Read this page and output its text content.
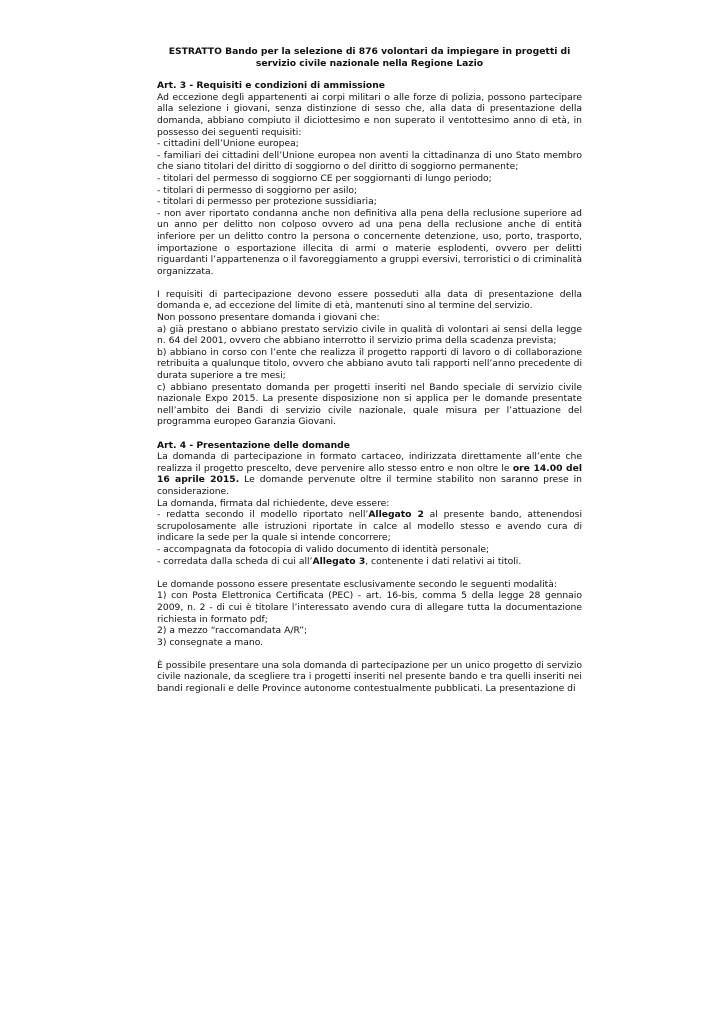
ESTRATTO Bando per la selezione di 876 volontari da impiegare in progetti di servizio civile nazionale nella Regione Lazio
Art. 3 - Requisiti e condizioni di ammissione

Ad eccezione degli appartenenti ai corpi militari o alle forze di polizia, possono partecipare alla selezione i giovani, senza distinzione di sesso che, alla data di presentazione della domanda, abbiano compiuto il diciottesimo e non superato il ventottesimo anno di età, in possesso dei seguenti requisiti:

- cittadini dell’Unione europea;

- familiari dei cittadini dell’Unione europea non aventi la cittadinanza di uno Stato membro che siano titolari del diritto di soggiorno o del diritto di soggiorno permanente;

- titolari del permesso di soggiorno CE per soggiornanti di lungo periodo;

- titolari di permesso di soggiorno per asilo;

- titolari di permesso per protezione sussidiaria;

- non aver riportato condanna anche non definitiva alla pena della reclusione superiore ad un anno per delitto non colposo ovvero ad una pena della reclusione anche di entità inferiore per un delitto contro la persona o concernente detenzione, uso, porto, trasporto, importazione o esportazione illecita di armi o materie esplodenti, ovvero per delitti riguardanti l’appartenenza o il favoreggiamento a gruppi eversivi, terroristici o di criminalità organizzata.

I requisiti di partecipazione devono essere posseduti alla data di presentazione della domanda e, ad eccezione del limite di età, mantenuti sino al termine del servizio.

Non possono presentare domanda i giovani che:

a) già prestano o abbiano prestato servizio civile in qualità di volontari ai sensi della legge n. 64 del 2001, ovvero che abbiano interrotto il servizio prima della scadenza prevista;

b) abbiano in corso con l’ente che realizza il progetto rapporti di lavoro o di collaborazione retribuita a qualunque titolo, ovvero che abbiano avuto tali rapporti nell’anno precedente di durata superiore a tre mesi;

c) abbiano presentato domanda per progetti inseriti nel Bando speciale di servizio civile nazionale Expo 2015. La presente disposizione non si applica per le domande presentate nell’ambito dei Bandi di servizio civile nazionale, quale misura per l’attuazione del programma europeo Garanzia Giovani.

Art. 4 - Presentazione delle domande

La domanda di partecipazione in formato cartaceo, indirizzata direttamente all’ente che realizza il progetto prescelto, deve pervenire allo stesso entro e non oltre le ore 14.00 del 16 aprile 2015. Le domande pervenute oltre il termine stabilito non saranno prese in considerazione.

La domanda, firmata dal richiedente, deve essere:

- redatta secondo il modello riportato nell’Allegato 2 al presente bando, attenendosi scrupolosamente alle istruzioni riportate in calce al modello stesso e avendo cura di indicare la sede per la quale si intende concorrere;

- accompagnata da fotocopia di valido documento di identità personale;

- corredata dalla scheda di cui all’Allegato 3, contenente i dati relativi ai titoli.

Le domande possono essere presentate esclusivamente secondo le seguenti modalità:

1) con Posta Elettronica Certificata (PEC) - art. 16-bis, comma 5 della legge 28 gennaio 2009, n. 2 - di cui è titolare l’interessato avendo cura di allegare tutta la documentazione richiesta in formato pdf;

2) a mezzo “raccomandata A/R”;

3) consegnate a mano.

È possibile presentare una sola domanda di partecipazione per un unico progetto di servizio civile nazionale, da scegliere tra i progetti inseriti nel presente bando e tra quelli inseriti nei bandi regionali e delle Province autonome contestualmente pubblicati. La presentazione di
